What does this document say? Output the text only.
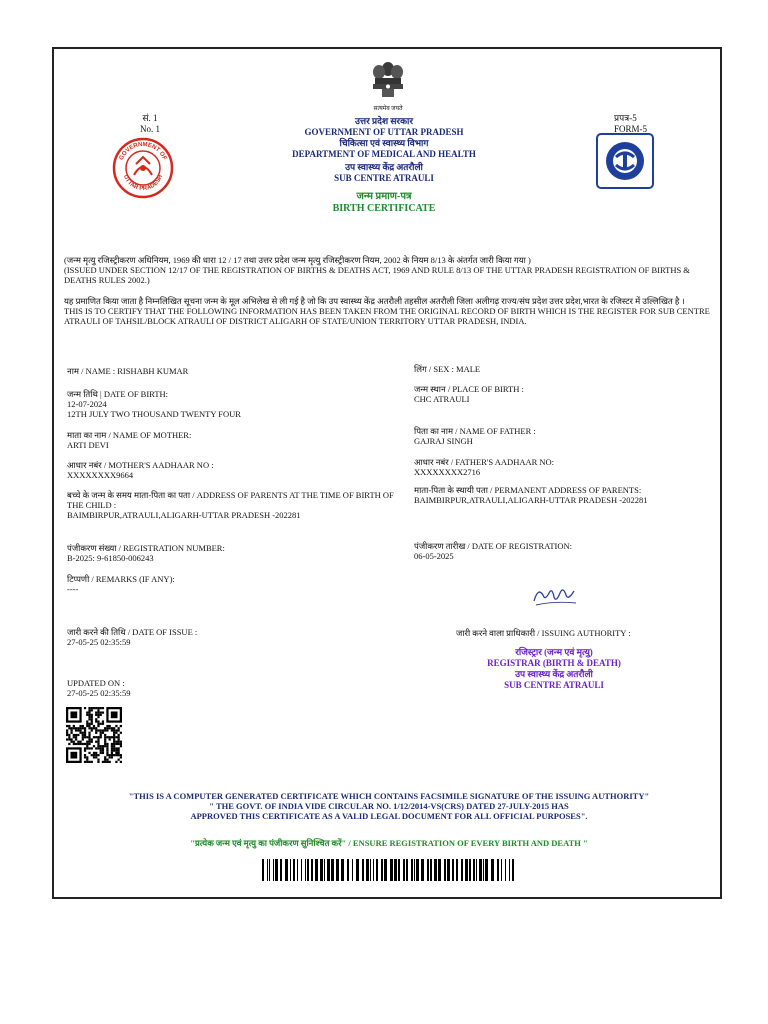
सत्यमेव जयते
सं. 1
No. 1
प्रपत्र-5
FORM-5
GOVERNMENT OF
UTTAR PRADESH
उत्तर प्रदेश सरकार
GOVERNMENT OF UTTAR PRADESH
चिकित्सा एवं स्वास्थ्य विभाग
DEPARTMENT OF MEDICAL AND HEALTH
उप स्वास्थ्य केंद्र अतरौली
SUB CENTRE ATRAULI
जन्म प्रमाण-पत्र
BIRTH CERTIFICATE
(जन्म मृत्यु रजिस्ट्रीकरण अधिनियम, 1969 की धारा 12 / 17 तथा उत्तर प्रदेश जन्म मृत्यु रजिस्ट्रीकरण नियम, 2002 के नियम 8/13 के अंतर्गत जारी किया गया )
(ISSUED UNDER SECTION 12/17 OF THE REGISTRATION OF BIRTHS & DEATHS ACT, 1969 AND RULE 8/13 OF THE UTTAR PRADESH REGISTRATION OF BIRTHS & DEATHS RULES 2002.)
यह प्रमाणित किया जाता है निम्नलिखित सूचना जन्म के मूल अभिलेख से ली गई है जो कि उप स्वास्थ्य केंद्र अतरौली तहसील अतरौली जिला अलीगढ़ राज्य/संघ प्रदेश उत्तर प्रदेश,भारत के रजिस्टर में उल्लिखित है ।
THIS IS TO CERTIFY THAT THE FOLLOWING INFORMATION HAS BEEN TAKEN FROM THE ORIGINAL RECORD OF BIRTH WHICH IS THE REGISTER FOR SUB CENTRE ATRAULI OF TAHSIL/BLOCK ATRAULI OF DISTRICT ALIGARH OF STATE/UNION TERRITORY UTTAR PRADESH, INDIA.
नाम / NAME : RISHABH KUMAR
जन्म तिथि | DATE OF BIRTH:
12-07-2024
12TH JULY TWO THOUSAND TWENTY FOUR
माता का नाम / NAME OF MOTHER:
ARTI DEVI
आधार नबंर / MOTHER'S AADHAAR NO :
XXXXXXXX9664
बच्चे के जन्म के समय माता-पिता का पता / ADDRESS OF PARENTS AT THE TIME OF BIRTH OF THE CHILD :
BAIMBIRPUR,ATRAULI,ALIGARH-UTTAR PRADESH -202281
पंजीकरण संख्या / REGISTRATION NUMBER:
B-2025: 9-61850-006243
टिप्पणी / REMARKS (IF ANY):
----
जारी करने की तिथि / DATE OF ISSUE :
27-05-25 02:35:59
UPDATED ON :
27-05-25 02:35:59
लिंग / SEX : MALE
जन्म स्थान / PLACE OF BIRTH :
CHC ATRAULI
पिता का नाम / NAME OF FATHER :
GAJRAJ SINGH
आधार नबंर / FATHER'S AADHAAR NO:
XXXXXXXX2716
माता-पिता के स्थायी पता / PERMANENT ADDRESS OF PARENTS:
BAIMBIRPUR,ATRAULI,ALIGARH-UTTAR PRADESH -202281
पंजीकरण तारीख / DATE OF REGISTRATION:
06-05-2025
जारी करने वाला प्राधिकारी / ISSUING AUTHORITY :
रजिस्ट्रार (जन्म एवं मृत्यु)
REGISTRAR (BIRTH & DEATH)
उप स्वास्थ्य केंद्र अतरौली
SUB CENTRE ATRAULI
"THIS IS A COMPUTER GENERATED CERTIFICATE WHICH CONTAINS FACSIMILE SIGNATURE OF THE ISSUING AUTHORITY"
" THE GOVT. OF INDIA VIDE CIRCULAR NO. 1/12/2014-VS(CRS) DATED 27-JULY-2015 HAS
APPROVED THIS CERTIFICATE AS A VALID LEGAL DOCUMENT FOR ALL OFFICIAL PURPOSES".
"प्रत्येक जन्म एवं मृत्यु का पंजीकरण सुनिश्चित करें" / ENSURE REGISTRATION OF EVERY BIRTH AND DEATH "
